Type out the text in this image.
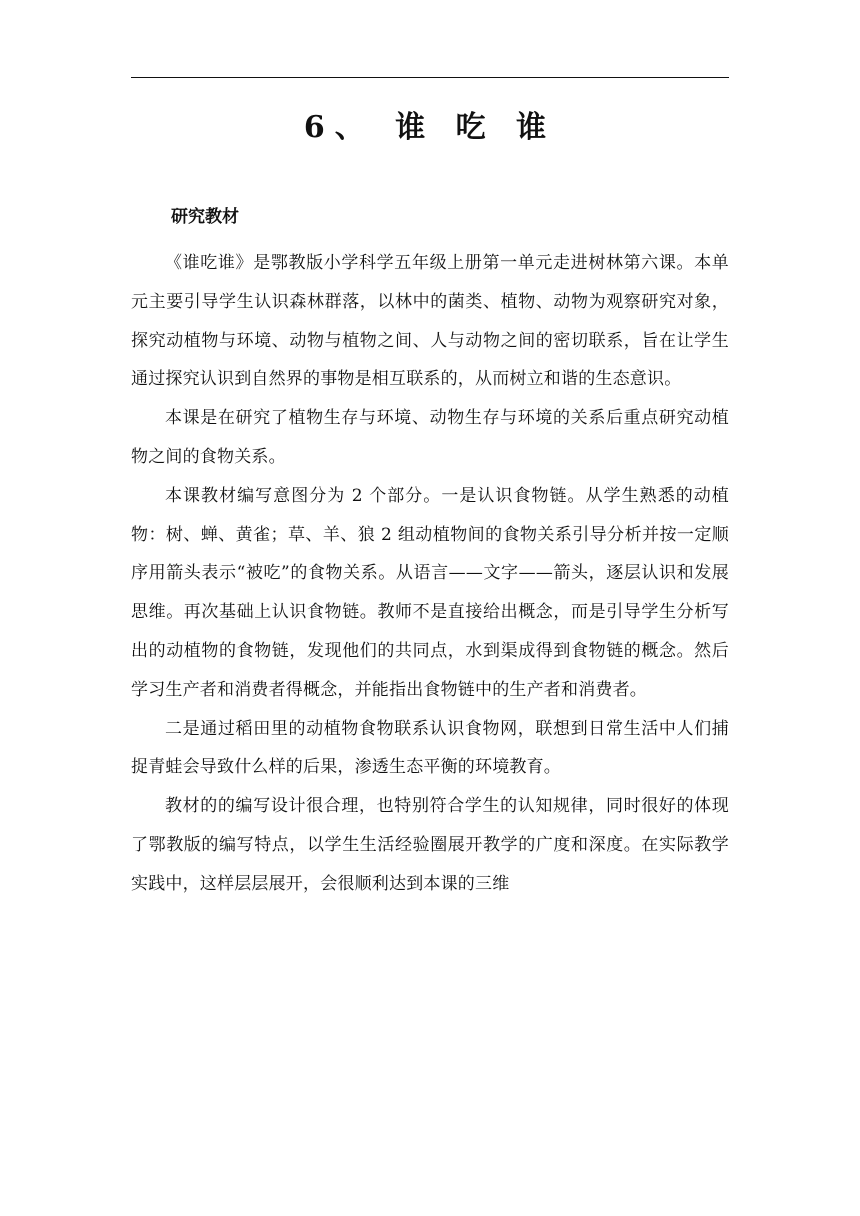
6、 谁 吃 谁
研究教材

《谁吃谁》是鄂教版小学科学五年级上册第一单元走进树林第六课。本单元主要引导学生认识森林群落，以林中的菌类、植物、动物为观察研究对象，探究动植物与环境、动物与植物之间、人与动物之间的密切联系，旨在让学生通过探究认识到自然界的事物是相互联系的，从而树立和谐的生态意识。

本课是在研究了植物生存与环境、动物生存与环境的关系后重点研究动植物之间的食物关系。

本课教材编写意图分为 2 个部分。一是认识食物链。从学生熟悉的动植物：树、蝉、黄雀；草、羊、狼 2 组动植物间的食物关系引导分析并按一定顺序用箭头表示“被吃”的食物关系。从语言——文字——箭头，逐层认识和发展思维。再次基础上认识食物链。教师不是直接给出概念，而是引导学生分析写出的动植物的食物链，发现他们的共同点，水到渠成得到食物链的概念。然后学习生产者和消费者得概念，并能指出食物链中的生产者和消费者。

二是通过稻田里的动植物食物联系认识食物网，联想到日常生活中人们捕捉青蛙会导致什么样的后果，渗透生态平衡的环境教育。

教材的的编写设计很合理，也特别符合学生的认知规律，同时很好的体现了鄂教版的编写特点，以学生生活经验圈展开教学的广度和深度。在实际教学实践中，这样层层展开，会很顺利达到本课的三维
